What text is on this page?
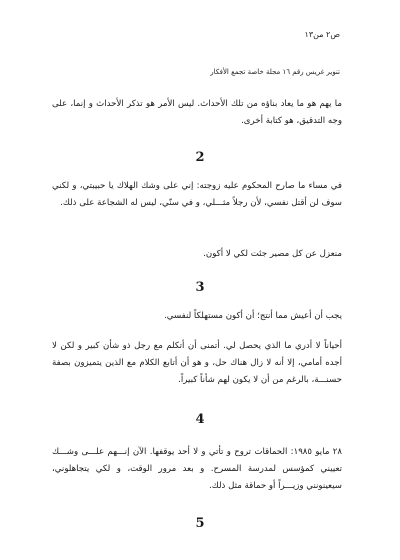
ص٢ من١٣
تنوير غريس رقم ١٦ مجلة خاصة تجمع الأفكار

ما يهم هو ما يعاد بناؤه من تلك الأحداث. ليس الأمر هو تذكر الأحداث و إنما، على وجه التدقيق، هو كتابة أخرى.

2

في مساء ما صارح المحكوم عليه زوجته: إني على وشك الهلاك يا حبيبتي، و لكني سوف لن أقتل نفسي، لأن رجلاً مثـــلي، و في سنّي، ليس له الشجاعة على ذلك.

منعزل عن كل مصير جئت لكي لا أكون.

3

يجب أن أعيش مما أنتج؛ أن أكون مستهلكاً لنفسي.

أحياناً لا أدري ما الذي يحصل لي. أتمنى أن أتكلم مع رجل ذو شأن كبير و لكن لا أجده أمامي، إلا أنه لا زال هناك حل، و هو أن أتابع الكلام مع الذين يتميزون بصفة حسنـــة، بالرغم من أن لا يكون لهم شأناً كبيراً.

4

٢٨ مايو ١٩٨٥: الحماقات تروح و تأتي و لا أحد يوقفها. الآن إنـــهم علـــى وشـــك تعييني كمؤسس لمدرسة المسرح. و بعد مرور الوقت، و لكي يتجاهلوني، سيعينونني وزيـــراً أو حماقة مثل ذلك.

5
